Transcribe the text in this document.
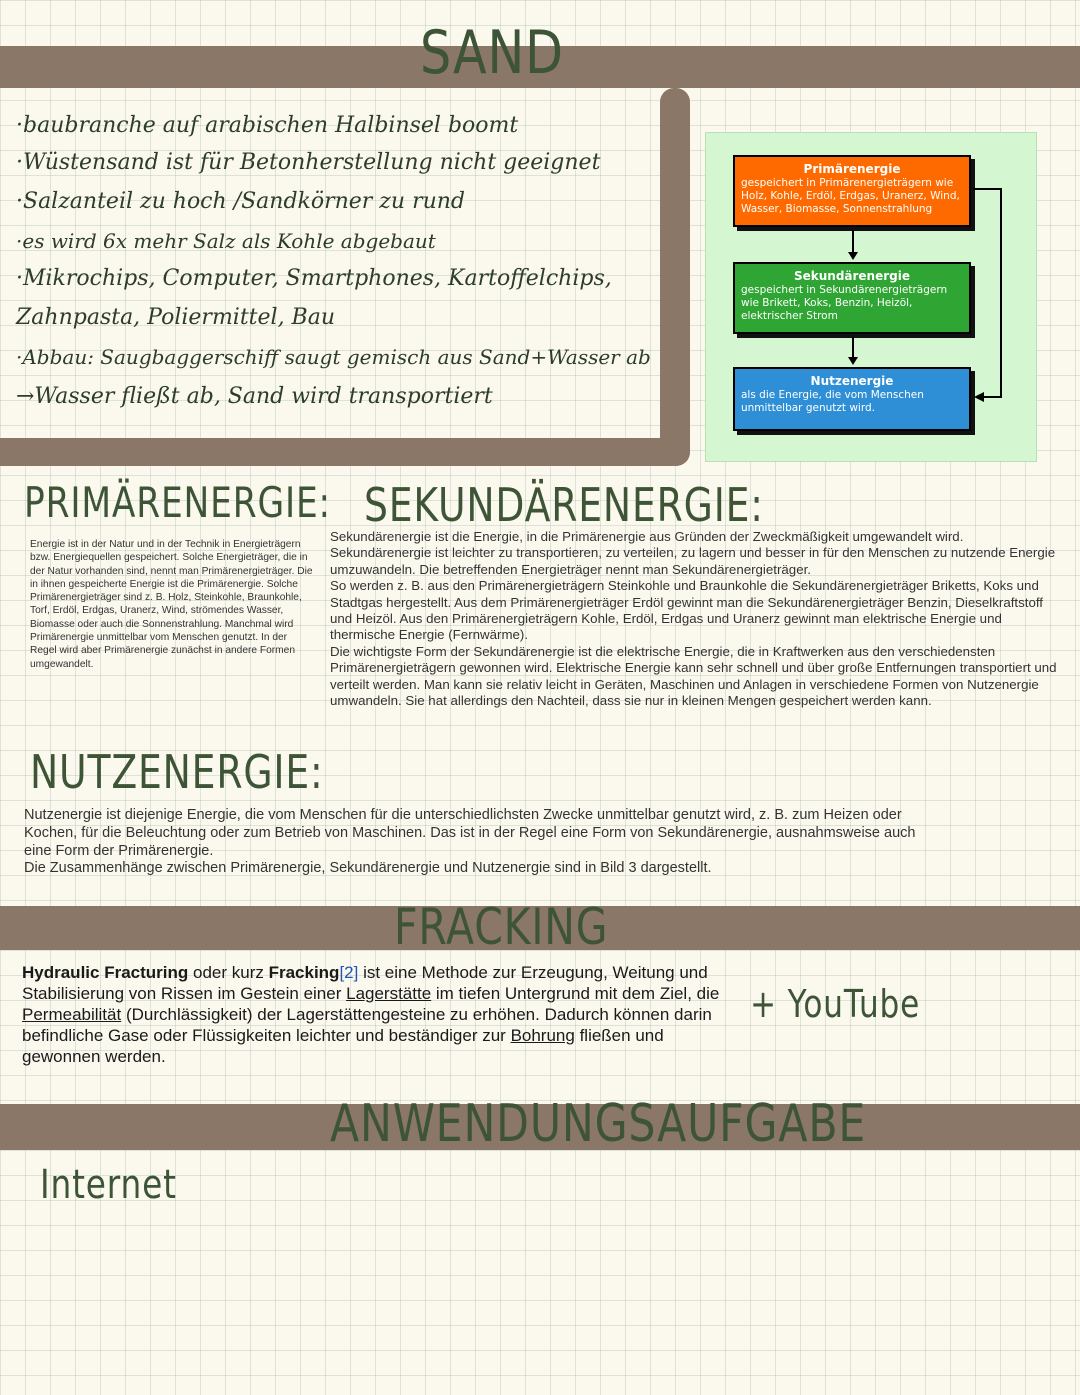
SAND
·baubranche auf arabischen Halbinsel boomt
·Wüstensand ist für Betonherstellung nicht geeignet
·Salzanteil zu hoch /Sandkörner zu rund
·es wird 6x mehr Salz als Kohle abgebaut
·Mikrochips, Computer, Smartphones, Kartoffelchips,
Zahnpasta, Poliermittel, Bau
·Abbau: Saugbaggerschiff saugt gemisch aus Sand+Wasser ab
→Wasser fließt ab, Sand wird transportiert
Primärenergie
gespeichert in Primärenergieträgern wie Holz, Kohle, Erdöl, Erdgas, Uranerz, Wind, Wasser, Biomasse, Sonnenstrahlung
Sekundärenergie
gespeichert in Sekundärenergieträgern wie Brikett, Koks, Benzin, Heizöl, elektrischer Strom
Nutzenergie
als die Energie, die vom Menschen unmittelbar genutzt wird.
PRIMÄRENERGIE:
Energie ist in der Natur und in der Technik in Energieträgern bzw. Energiequellen gespeichert. Solche Energieträger, die in der Natur vorhanden sind, nennt man Primärenergieträger. Die in ihnen gespeicherte Energie ist die Primärenergie. Solche Primärenergieträger sind z. B. Holz, Steinkohle, Braunkohle, Torf, Erdöl, Erdgas, Uranerz, Wind, strömendes Wasser, Biomasse oder auch die Sonnenstrahlung. Manchmal wird Primärenergie unmittelbar vom Menschen genutzt. In der Regel wird aber Primärenergie zunächst in andere Formen umgewandelt.
SEKUNDÄRENERGIE:
Sekundärenergie ist die Energie, in die Primärenergie aus Gründen der Zweckmäßigkeit umgewandelt wird. Sekundärenergie ist leichter zu transportieren, zu verteilen, zu lagern und besser in für den Menschen zu nutzende Energie umzuwandeln. Die betreffenden Energieträger nennt man Sekundärenergieträger.
So werden z. B. aus den Primärenergieträgern Steinkohle und Braunkohle die Sekundärenergieträger Briketts, Koks und Stadtgas hergestellt. Aus dem Primärenergieträger Erdöl gewinnt man die Sekundärenergieträger Benzin, Dieselkraftstoff und Heizöl. Aus den Primärenergieträgern Kohle, Erdöl, Erdgas und Uranerz gewinnt man elektrische Energie und thermische Energie (Fernwärme).
Die wichtigste Form der Sekundärenergie ist die elektrische Energie, die in Kraftwerken aus den verschiedensten Primärenergieträgern gewonnen wird. Elektrische Energie kann sehr schnell und über große Entfernungen transportiert und verteilt werden. Man kann sie relativ leicht in Geräten, Maschinen und Anlagen in verschiedene Formen von Nutzenergie umwandeln. Sie hat allerdings den Nachteil, dass sie nur in kleinen Mengen gespeichert werden kann.
NUTZENERGIE:
Nutzenergie ist diejenige Energie, die vom Menschen für die unterschiedlichsten Zwecke unmittelbar genutzt wird, z. B. zum Heizen oder Kochen, für die Beleuchtung oder zum Betrieb von Maschinen. Das ist in der Regel eine Form von Sekundärenergie, ausnahmsweise auch eine Form der Primärenergie.
Die Zusammenhänge zwischen Primärenergie, Sekundärenergie und Nutzenergie sind in Bild 3 dargestellt.
FRACKING
Hydraulic Fracturing oder kurz Fracking[2] ist eine Methode zur Erzeugung, Weitung und Stabilisierung von Rissen im Gestein einer Lagerstätte im tiefen Untergrund mit dem Ziel, die Permeabilität (Durchlässigkeit) der Lagerstättengesteine zu erhöhen. Dadurch können darin befindliche Gase oder Flüssigkeiten leichter und beständiger zur Bohrung fließen und gewonnen werden.
+ YouTube
ANWENDUNGSAUFGABE
Internet
